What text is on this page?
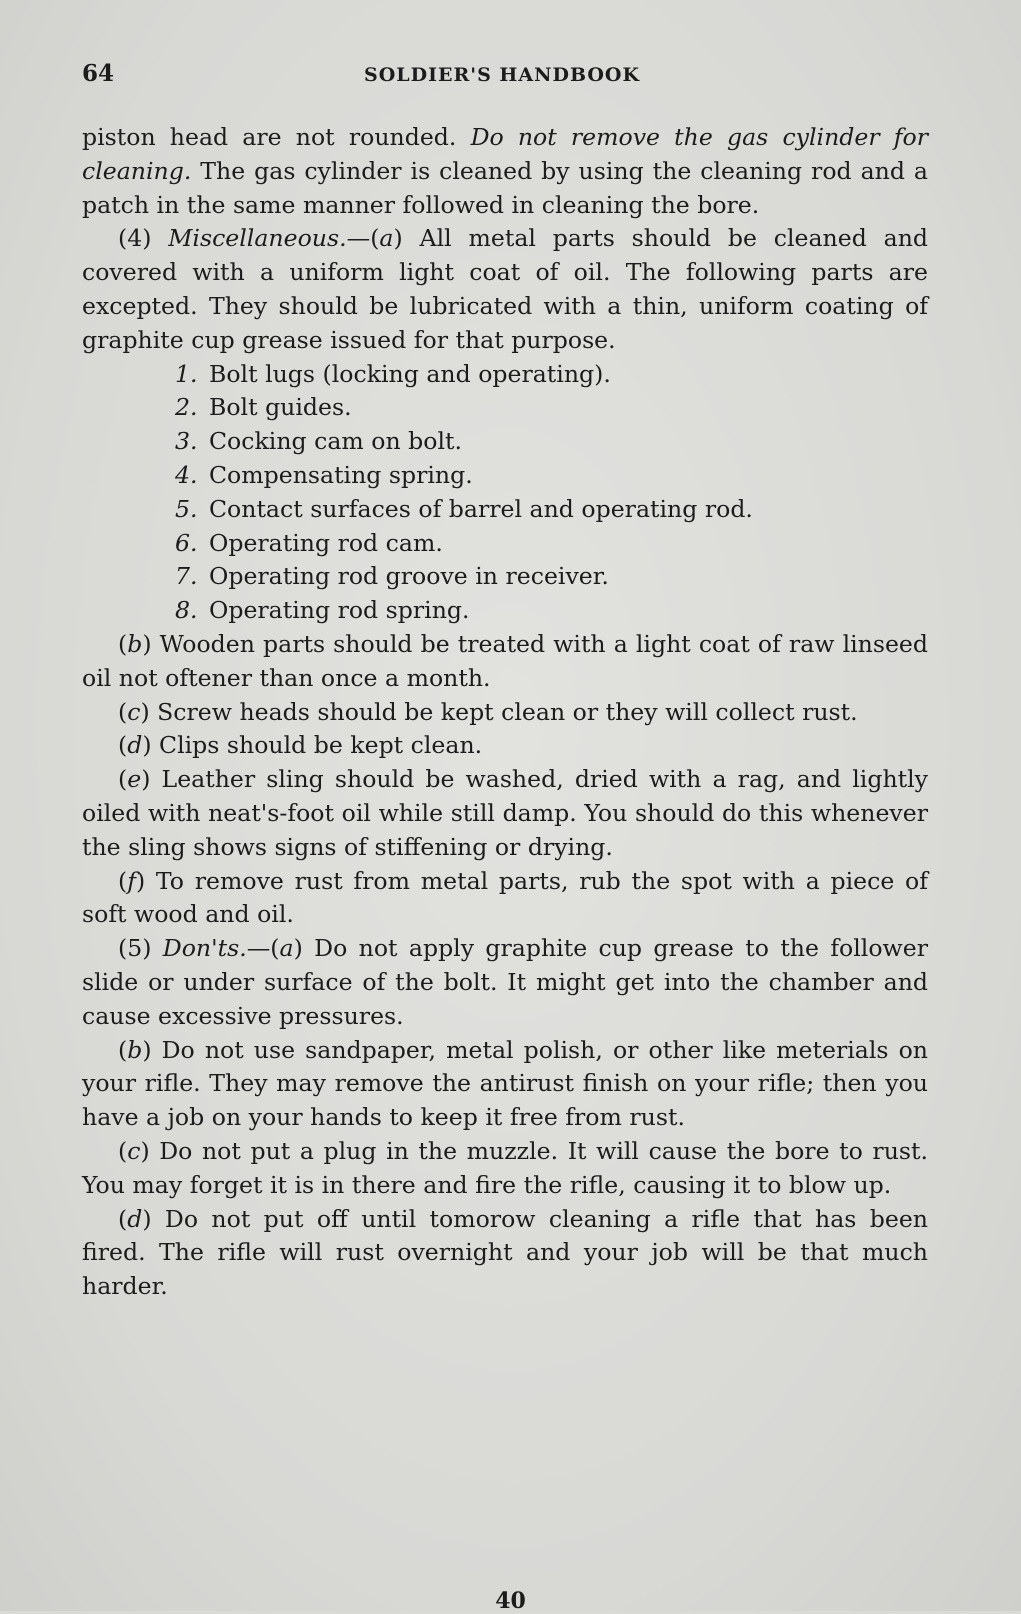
64	SOLDIER'S HANDBOOK

piston head are not rounded. Do not remove the gas cylinder for cleaning. The gas cylinder is cleaned by using the cleaning rod and a patch in the same manner followed in cleaning the bore.

(4) Miscellaneous.—(a) All metal parts should be cleaned and covered with a uniform light coat of oil. The following parts are excepted. They should be lubricated with a thin, uniform coating of graphite cup grease issued for that purpose.

1. Bolt lugs (locking and operating).
2. Bolt guides.
3. Cocking cam on bolt.
4. Compensating spring.
5. Contact surfaces of barrel and operating rod.
6. Operating rod cam.
7. Operating rod groove in receiver.
8. Operating rod spring.

(b) Wooden parts should be treated with a light coat of raw linseed oil not oftener than once a month.

(c) Screw heads should be kept clean or they will collect rust.

(d) Clips should be kept clean.

(e) Leather sling should be washed, dried with a rag, and lightly oiled with neat's-foot oil while still damp. You should do this whenever the sling shows signs of stiffening or drying.

(f) To remove rust from metal parts, rub the spot with a piece of soft wood and oil.

(5) Don'ts.—(a) Do not apply graphite cup grease to the follower slide or under surface of the bolt. It might get into the chamber and cause excessive pressures.

(b) Do not use sandpaper, metal polish, or other like meterials on your rifle. They may remove the antirust finish on your rifle; then you have a job on your hands to keep it free from rust.

(c) Do not put a plug in the muzzle. It will cause the bore to rust. You may forget it is in there and fire the rifle, causing it to blow up.

(d) Do not put off until tomorow cleaning a rifle that has been fired. The rifle will rust overnight and your job will be that much harder.

40
